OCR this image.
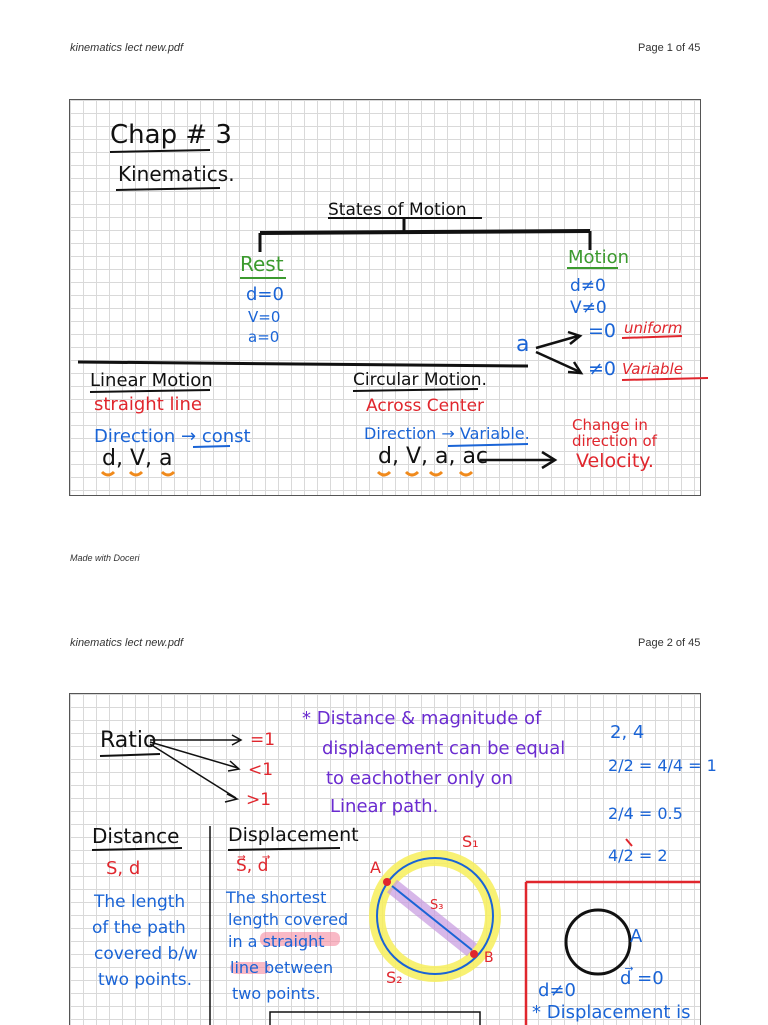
kinematics lect new.pdf	Page 1 of 45
Chap # 3
Kinematics.
States of Motion
Rest
d=0
V=0
a=0
Motion
d≠0
V≠0
a
=0 uniform
≠0 Variable
Linear Motion
straight line
Direction → const
d, V, a
Circular Motion.
Across Center
Direction → Variable.
d, V, a, ac
Change in
direction of
Velocity.
Made with Doceri
kinematics lect new.pdf	Page 2 of 45
Ratio	=1
<1
>1
* Distance & magnitude of
displacement can be equal
to eachother only on
Linear path.
2, 4
2/2 = 4/4 = 1
2/4 = 0.5
4/2 = 2
Distance
S, d
The length
of the path
covered b/w
two points.
Displacement
S⃗, d⃗
The shortest
length covered
in a straight
line between
two points.
A
B
S₁
S₂
S₃
A
d≠0
d⃗ =0
* Displacement is
